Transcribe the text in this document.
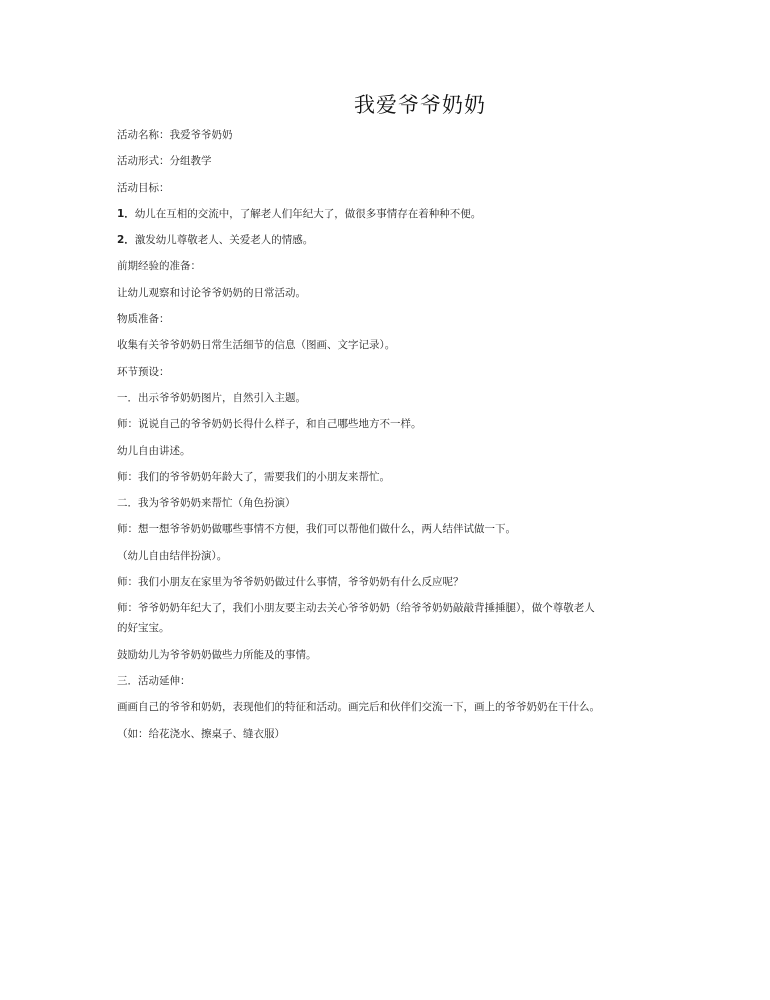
我爱爷爷奶奶
活动名称：我爱爷爷奶奶
活动形式：分组教学
活动目标：
1．幼儿在互相的交流中，了解老人们年纪大了，做很多事情存在着种种不便。
2．激发幼儿尊敬老人、关爱老人的情感。
前期经验的准备：
让幼儿观察和讨论爷爷奶奶的日常活动。
物质准备：
收集有关爷爷奶奶日常生活细节的信息（图画、文字记录）。
环节预设：
一．出示爷爷奶奶图片，自然引入主题。
师：说说自己的爷爷奶奶长得什么样子，和自己哪些地方不一样。
幼儿自由讲述。
师：我们的爷爷奶奶年龄大了，需要我们的小朋友来帮忙。
二．我为爷爷奶奶来帮忙（角色扮演）
师：想一想爷爷奶奶做哪些事情不方便，我们可以帮他们做什么，两人结伴试做一下。
（幼儿自由结伴扮演）。
师：我们小朋友在家里为爷爷奶奶做过什么事情，爷爷奶奶有什么反应呢？
师：爷爷奶奶年纪大了，我们小朋友要主动去关心爷爷奶奶（给爷爷奶奶敲敲背捶捶腿），做个尊敬老人
的好宝宝。
鼓励幼儿为爷爷奶奶做些力所能及的事情。
三．活动延伸：
画画自己的爷爷和奶奶，表现他们的特征和活动。画完后和伙伴们交流一下，画上的爷爷奶奶在干什么。
（如：给花浇水、擦桌子、缝衣服）
